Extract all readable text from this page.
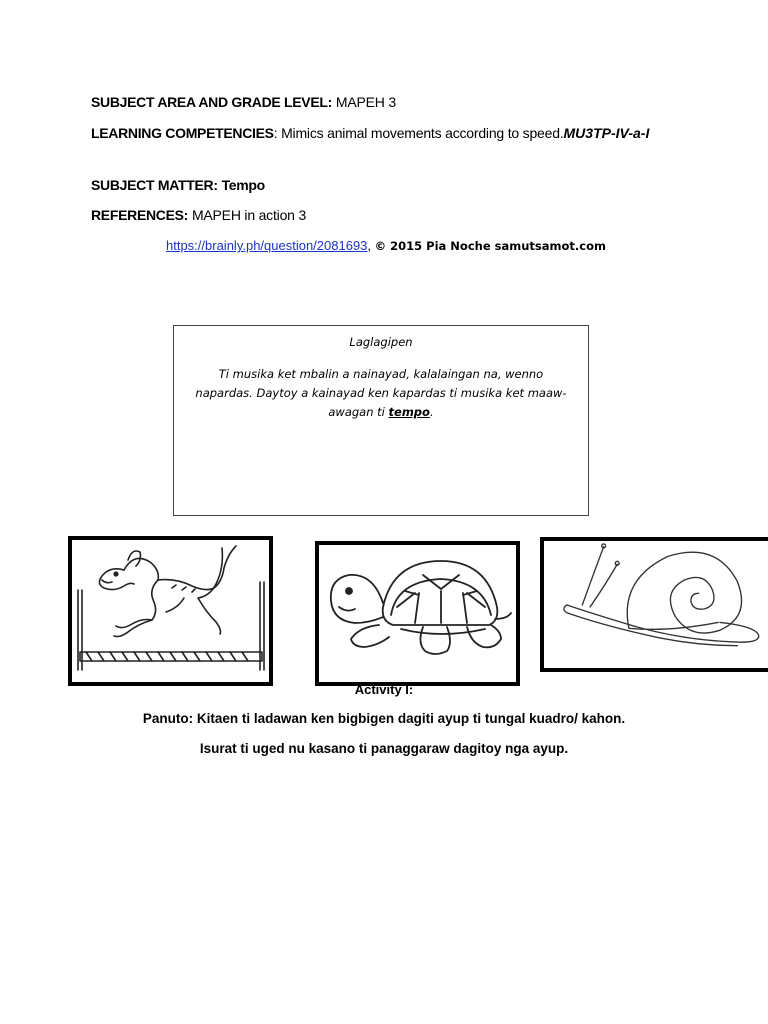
SUBJECT AREA AND GRADE LEVEL: MAPEH 3
LEARNING COMPETENCIES: Mimics animal movements according to speed.MU3TP-IV-a-I
SUBJECT MATTER: Tempo
REFERENCES: MAPEH in action 3
https://brainly.ph/question/2081693, © 2015 Pia Noche samutsamot.com
Laglagipen
Ti musika ket mbalin a nainayad, kalalaingan na, wenno napardas. Daytoy a kainayad ken kapardas ti musika ket maaw-awagan ti tempo.
Activity I:
Panuto: Kitaen ti ladawan ken bigbigen dagiti ayup ti tungal kuadro/ kahon.
Isurat ti uged nu kasano ti panaggaraw dagitoy nga ayup.
